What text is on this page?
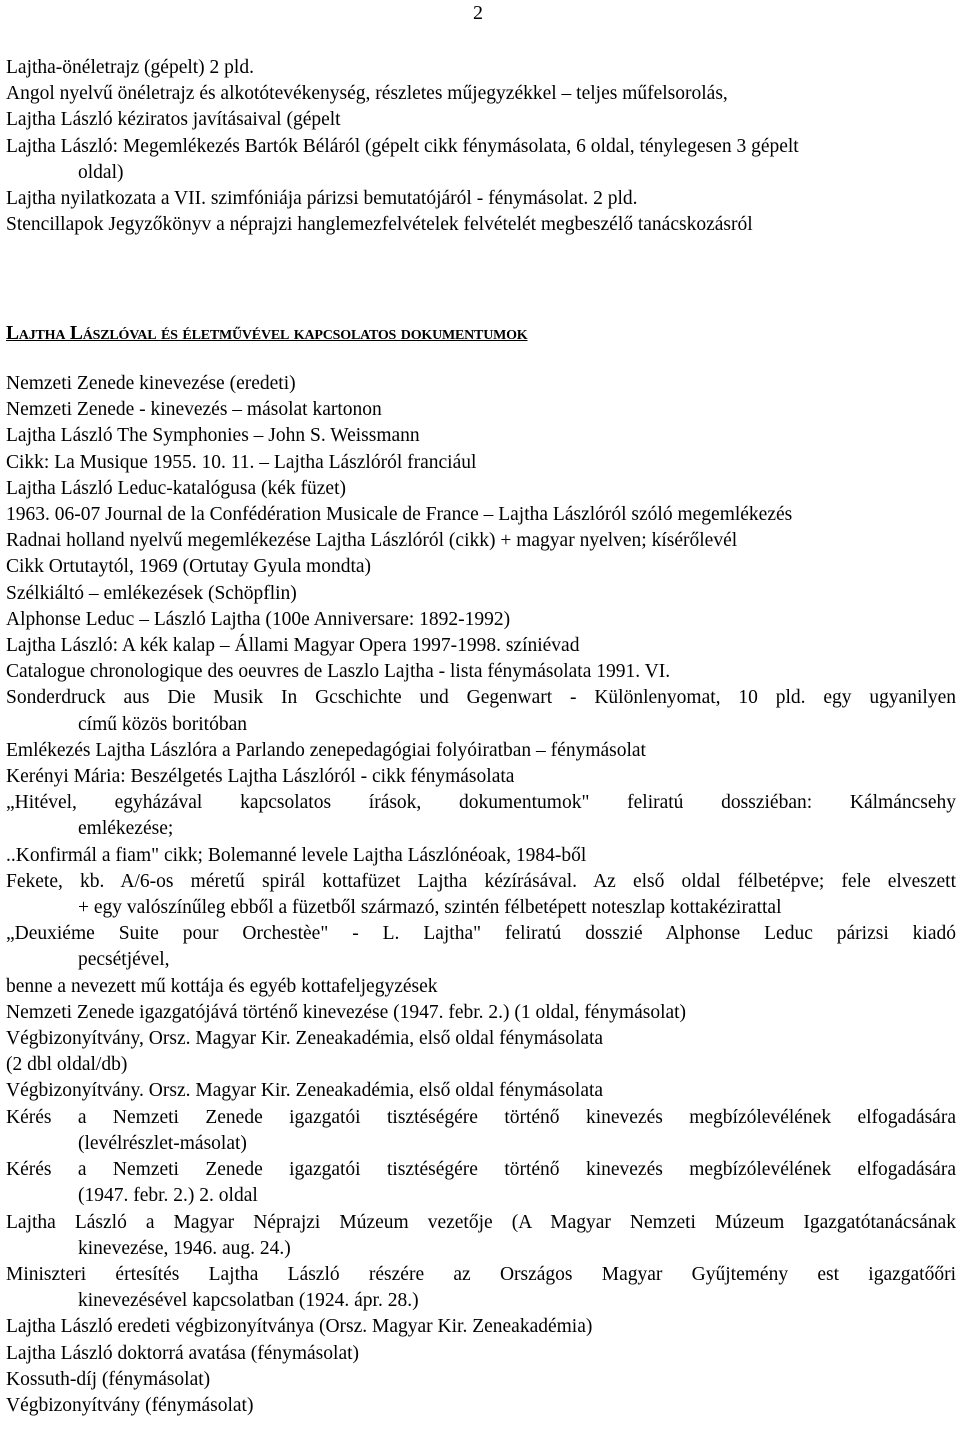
2
Lajtha-önéletrajz (gépelt) 2 pld.
Angol nyelvű önéletrajz és alkotótevékenység, részletes műjegyzékkel – teljes műfelsorolás,
Lajtha László kéziratos javításaival (gépelt
Lajtha László: Megemlékezés Bartók Béláról (gépelt cikk fénymásolata, 6 oldal, ténylegesen 3 gépelt
oldal)
Lajtha nyilatkozata a VII. szimfóniája párizsi bemutatójáról - fénymásolat. 2 pld.
Stencillapok Jegyzőkönyv a néprajzi hanglemezfelvételek felvételét megbeszélő tanácskozásról
Lajtha Lászlóval és életművével kapcsolatos dokumentumok
Nemzeti Zenede kinevezése (eredeti)
Nemzeti Zenede - kinevezés – másolat kartonon
Lajtha László The Symphonies – John S. Weissmann
Cikk: La Musique 1955. 10. 11. – Lajtha Lászlóról franciául
Lajtha László Leduc-katalógusa (kék füzet)
1963. 06-07 Journal de la Confédération Musicale de France – Lajtha Lászlóról szóló megemlékezés
Radnai holland nyelvű megemlékezése Lajtha Lászlóról (cikk) + magyar nyelven; kísérőlevél
Cikk Ortutaytól, 1969 (Ortutay Gyula mondta)
Szélkiáltó – emlékezések (Schöpflin)
Alphonse Leduc – László Lajtha (100e Anniversare: 1892-1992)
Lajtha László: A kék kalap – Állami Magyar Opera 1997-1998. színiévad
Catalogue chronologique des oeuvres de Laszlo Lajtha - lista fénymásolata 1991. VI.
Sonderdruck aus Die Musik In Gcschichte und Gegenwart - Különlenyomat, 10 pld. egy ugyanilyen
című közös boritóban
Emlékezés Lajtha Lászlóra a Parlando zenepedagógiai folyóiratban – fénymásolat
Kerényi Mária: Beszélgetés Lajtha Lászlóról - cikk fénymásolata
„Hitével, egyházával kapcsolatos írások, dokumentumok" feliratú dossziéban: Kálmáncsehy
emlékezése;
..Konfirmál a fiam" cikk; Bolemanné levele Lajtha Lászlónéoak, 1984-ből
Fekete, kb. A/6-os méretű spirál kottafüzet Lajtha kézírásával. Az első oldal félbetépve; fele elveszett
+ egy valószínűleg ebből a füzetből származó, szintén félbetépett noteszlap kottakézirattal
„Deuxiéme Suite pour Orchestèe" - L. Lajtha" feliratú dosszié Alphonse Leduc párizsi kiadó
pecsétjével,
benne a nevezett mű kottája és egyéb kottafeljegyzések
Nemzeti Zenede igazgatójává történő kinevezése (1947. febr. 2.) (1 oldal, fénymásolat)
Végbizonyítvány, Orsz. Magyar Kir. Zeneakadémia, első oldal fénymásolata
(2 dbl oldal/db)
Végbizonyítvány. Orsz. Magyar Kir. Zeneakadémia, első oldal fénymásolata
Kérés a Nemzeti Zenede igazgatói tisztéségére történő kinevezés megbízólevélének elfogadására
(levélrészlet-másolat)
Kérés a Nemzeti Zenede igazgatói tisztéségére történő kinevezés megbízólevélének elfogadására
(1947. febr. 2.) 2. oldal
Lajtha László a Magyar Néprajzi Múzeum vezetője (A Magyar Nemzeti Múzeum Igazgatótanácsának
kinevezése, 1946. aug. 24.)
Miniszteri értesítés Lajtha László részére az Országos Magyar Gyűjtemény est igazgatőőri
kinevezésével kapcsolatban (1924. ápr. 28.)
Lajtha László eredeti végbizonyítványa (Orsz. Magyar Kir. Zeneakadémia)
Lajtha László doktorrá avatása (fénymásolat)
Kossuth-díj (fénymásolat)
Végbizonyítvány (fénymásolat)
